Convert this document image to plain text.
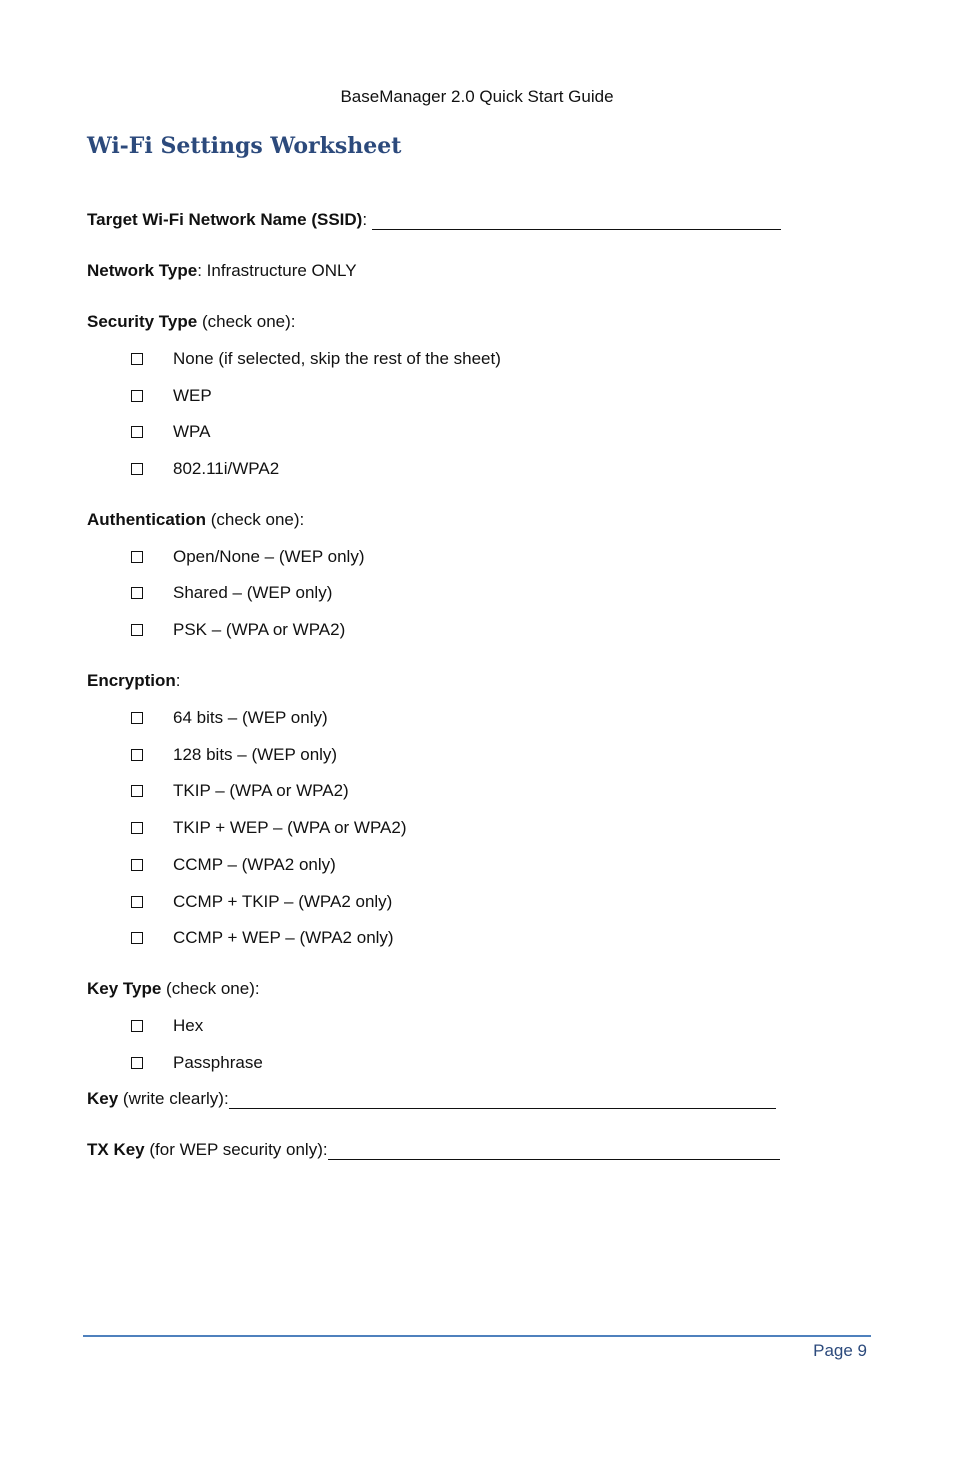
BaseManager 2.0 Quick Start Guide
Wi-Fi Settings Worksheet
Target Wi-Fi Network Name (SSID):
Network Type: Infrastructure ONLY
Security Type (check one):
None (if selected, skip the rest of the sheet)
WEP
WPA
802.11i/WPA2
Authentication (check one):
Open/None – (WEP only)
Shared – (WEP only)
PSK – (WPA or WPA2)
Encryption:
64 bits – (WEP only)
128 bits – (WEP only)
TKIP – (WPA or WPA2)
TKIP + WEP – (WPA or WPA2)
CCMP – (WPA2 only)
CCMP + TKIP – (WPA2 only)
CCMP + WEP – (WPA2 only)
Key Type (check one):
Hex
Passphrase
Key (write clearly):
TX Key (for WEP security only):
Page 9
